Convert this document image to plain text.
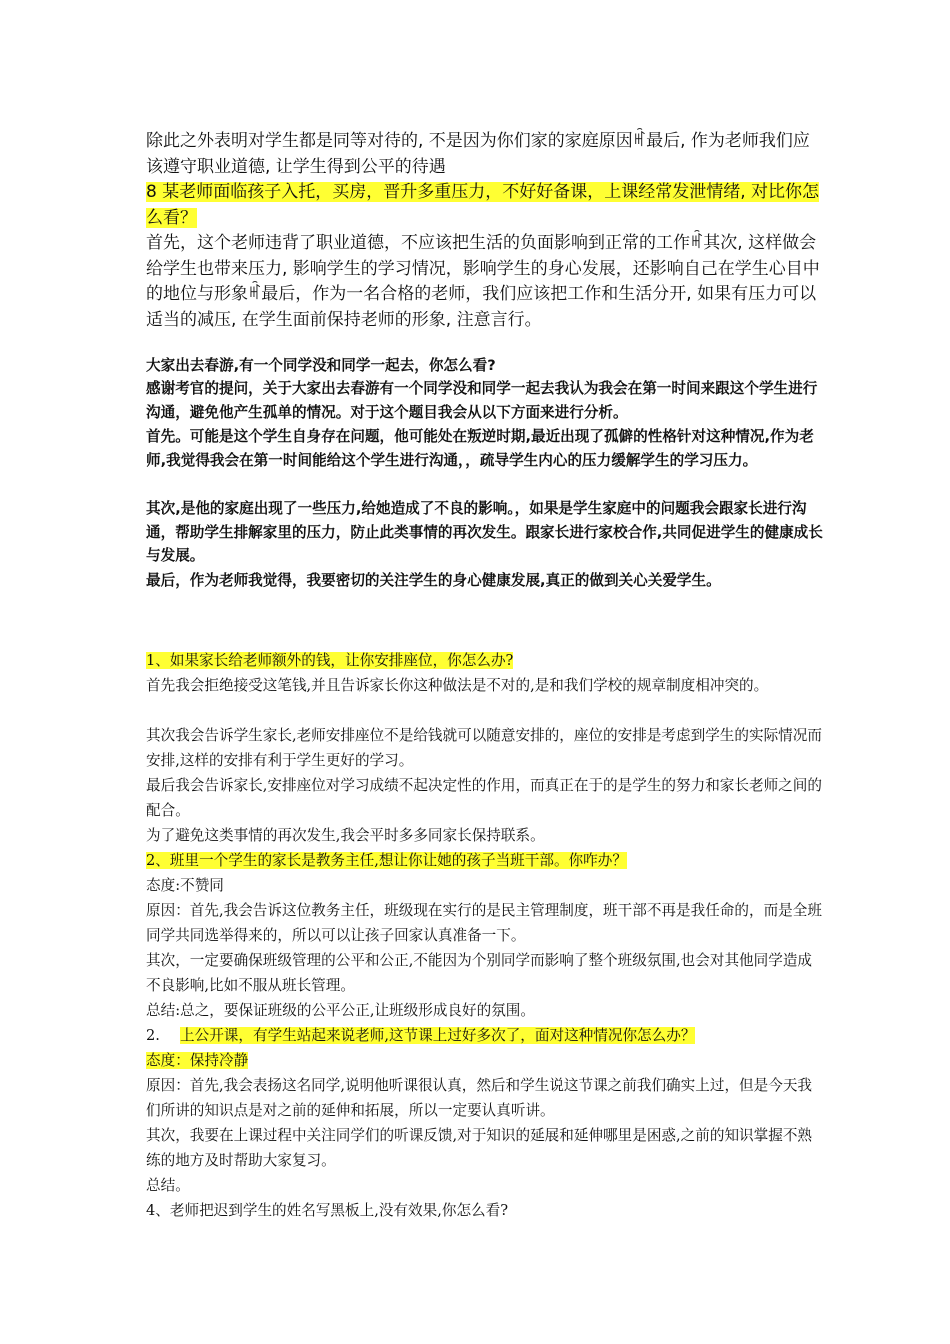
除此之外表明对学生都是同等对待的, 不是因为你们家的家庭原因ꎬ最后, 作为老师我们应该遵守职业道德, 让学生得到公平的待遇

8 某老师面临孩子入托，买房，晋升多重压力，不好好备课，上课经常发泄情绪, 对比你怎么看？

首先，这个老师违背了职业道德，不应该把生活的负面影响到正常的工作ꎬ其次, 这样做会给学生也带来压力, 影响学生的学习情况，影响学生的身心发展，还影响自己在学生心目中的地位与形象ꎬ最后，作为一名合格的老师，我们应该把工作和生活分开, 如果有压力可以适当的减压, 在学生面前保持老师的形象, 注意言行。

大家出去春游,有一个同学没和同学一起去，你怎么看?

感谢考官的提问，关于大家出去春游有一个同学没和同学一起去我认为我会在第一时间来跟这个学生进行沟通，避免他产生孤单的情况。对于这个题目我会从以下方面来进行分析。

首先。可能是这个学生自身存在问题，他可能处在叛逆时期,最近出现了孤僻的性格针对这种情况,作为老师,我觉得我会在第一时间能给这个学生进行沟通，，疏导学生内心的压力缓解学生的学习压力。

其次,是他的家庭出现了一些压力,给她造成了不良的影响。，如果是学生家庭中的问题我会跟家长进行沟通，帮助学生排解家里的压力，防止此类事情的再次发生。跟家长进行家校合作,共同促进学生的健康成长与发展。

最后，作为老师我觉得，我要密切的关注学生的身心健康发展,真正的做到关心关爱学生。

1、如果家长给老师额外的钱，让你安排座位，你怎么办?

首先我会拒绝接受这笔钱,并且告诉家长你这种做法是不对的,是和我们学校的规章制度相冲突的。

其次我会告诉学生家长,老师安排座位不是给钱就可以随意安排的，座位的安排是考虑到学生的实际情况而安排,这样的安排有利于学生更好的学习。

最后我会告诉家长,安排座位对学习成绩不起决定性的作用，而真正在于的是学生的努力和家长老师之间的配合。

为了避免这类事情的再次发生,我会平时多多同家长保持联系。

2、班里一个学生的家长是教务主任,想让你让她的孩子当班干部。你咋办？

态度:不赞同

原因：首先,我会告诉这位教务主任，班级现在实行的是民主管理制度，班干部不再是我任命的，而是全班同学共同选举得来的，所以可以让孩子回家认真准备一下。

其次，一定要确保班级管理的公平和公正,不能因为个别同学而影响了整个班级氛围,也会对其他同学造成不良影响,比如不服从班长管理。

总结:总之，要保证班级的公平公正,让班级形成良好的氛围。

2. 上公开课，有学生站起来说老师,这节课上过好多次了，面对这种情况你怎么办？

态度：保持冷静

原因：首先,我会表扬这名同学,说明他听课很认真，然后和学生说这节课之前我们确实上过，但是今天我们所讲的知识点是对之前的延伸和拓展，所以一定要认真听讲。

其次，我要在上课过程中关注同学们的听课反馈,对于知识的延展和延伸哪里是困惑,之前的知识掌握不熟练的地方及时帮助大家复习。

总结。

4、老师把迟到学生的姓名写黑板上,没有效果,你怎么看?
